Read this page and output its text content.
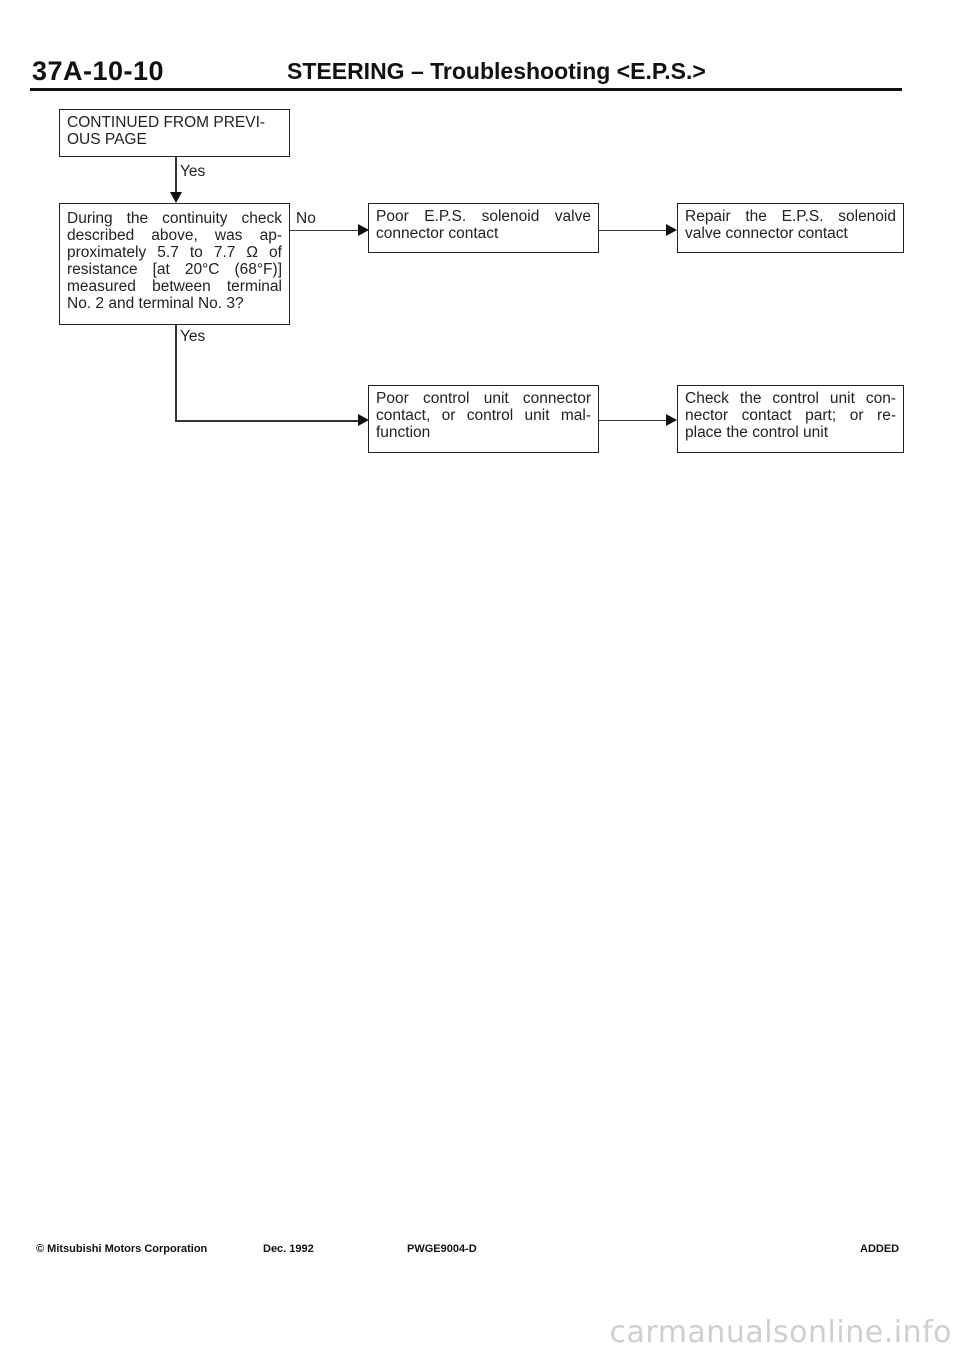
37A-10-10	STEERING – Troubleshooting <E.P.S.>
CONTINUED FROM PREVI-
OUS PAGE
Yes
During the continuity check
described above, was ap-
proximately 5.7 to 7.7 Ω of
resistance [at 20°C (68°F)]
measured between terminal
No. 2 and terminal No. 3?
No	Poor E.P.S. solenoid valve
connector contact
Repair the E.P.S. solenoid
valve connector contact
Yes
Poor control unit connector
contact, or control unit mal-
function
Check the control unit con-
nector contact part; or re-
place the control unit
© Mitsubishi Motors Corporation	Dec. 1992	PWGE9004-D	ADDED
carmanualsonline.info
